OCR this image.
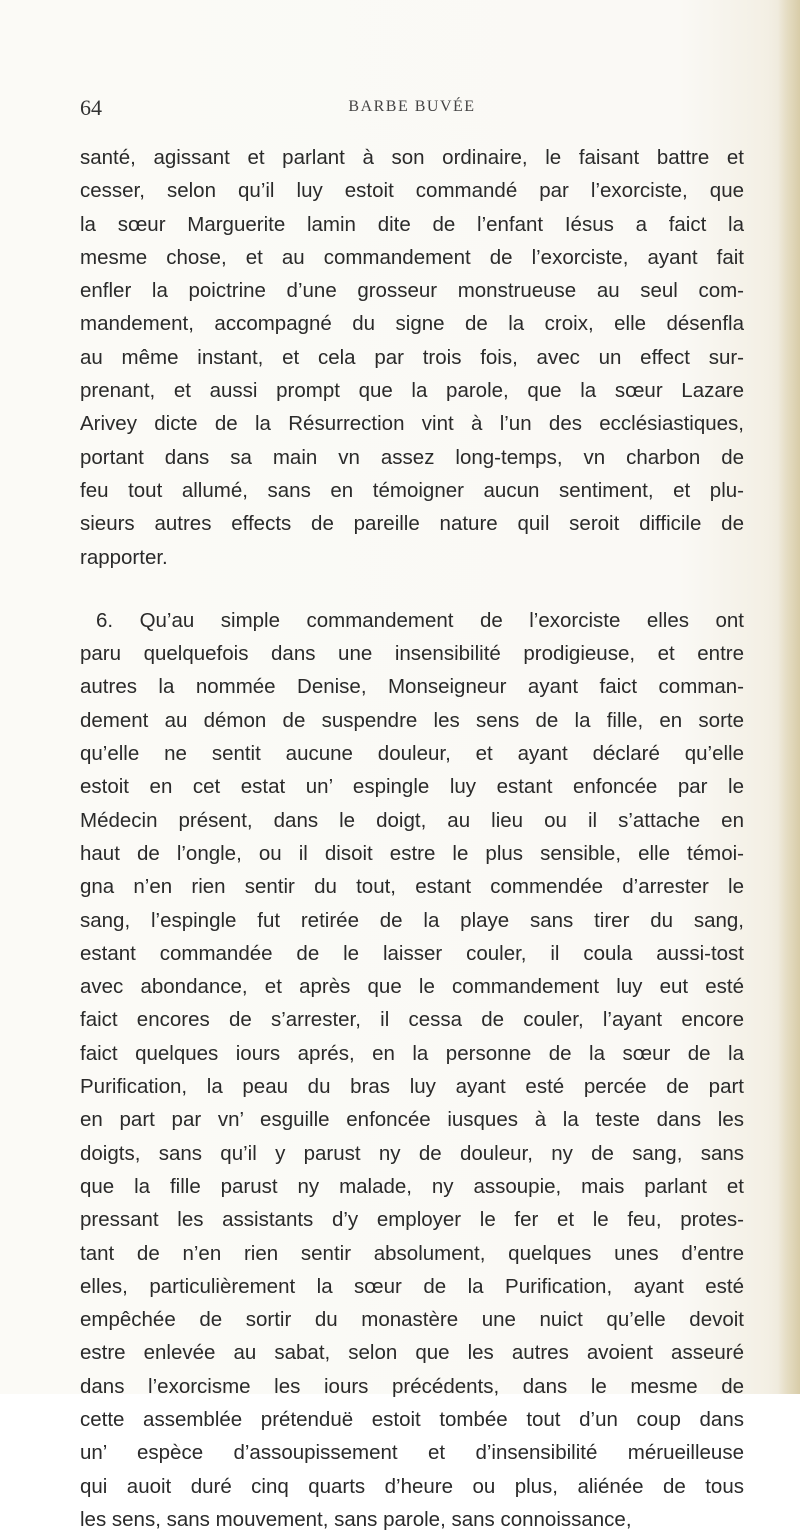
64	BARBE BUVÉE
santé, agissant et parlant à son ordinaire, le faisant battre et
cesser, selon qu’il luy estoit commandé par l’exorciste, que
la sœur Marguerite lamin dite de l’enfant Iésus a faict la
mesme chose, et au commandement de l’exorciste, ayant fait
enfler la poictrine d’une grosseur monstrueuse au seul com-
mandement, accompagné du signe de la croix, elle désenfla
au même instant, et cela par trois fois, avec un effect sur-
prenant, et aussi prompt que la parole, que la sœur Lazare
Arivey dicte de la Résurrection vint à l’un des ecclésiastiques,
portant dans sa main vn assez long-temps, vn charbon de
feu tout allumé, sans en témoigner aucun sentiment, et plu-
sieurs autres effects de pareille nature quil seroit difficile de
rapporter.
6. Qu’au simple commandement de l’exorciste elles ont
paru quelquefois dans une insensibilité prodigieuse, et entre
autres la nommée Denise, Monseigneur ayant faict comman-
dement au démon de suspendre les sens de la fille, en sorte
qu’elle ne sentit aucune douleur, et ayant déclaré qu’elle
estoit en cet estat un’ espingle luy estant enfoncée par le
Médecin présent, dans le doigt, au lieu ou il s’attache en
haut de l’ongle, ou il disoit estre le plus sensible, elle témoi-
gna n’en rien sentir du tout, estant commendée d’arrester le
sang, l’espingle fut retirée de la playe sans tirer du sang,
estant commandée de le laisser couler, il coula aussi-tost
avec abondance, et après que le commandement luy eut esté
faict encores de s’arrester, il cessa de couler, l’ayant encore
faict quelques iours aprés, en la personne de la sœur de la
Purification, la peau du bras luy ayant esté percée de part
en part par vn’ esguille enfoncée iusques à la teste dans les
doigts, sans qu’il y parust ny de douleur, ny de sang, sans
que la fille parust ny malade, ny assoupie, mais parlant et
pressant les assistants d’y employer le fer et le feu, protes-
tant de n’en rien sentir absolument, quelques unes d’entre
elles, particulièrement la sœur de la Purification, ayant esté
empêchée de sortir du monastère une nuict qu’elle devoit
estre enlevée au sabat, selon que les autres avoient asseuré
dans l’exorcisme les iours précédents, dans le mesme de
cette assemblée prétenduë estoit tombée tout d’un coup dans
un’ espèce d’assoupissement et d’insensibilité méruеilleuse
qui auoit duré cinq quarts d’heure ou plus, aliénée de tous
les sens, sans mouvement, sans parole, sans connoissance,
